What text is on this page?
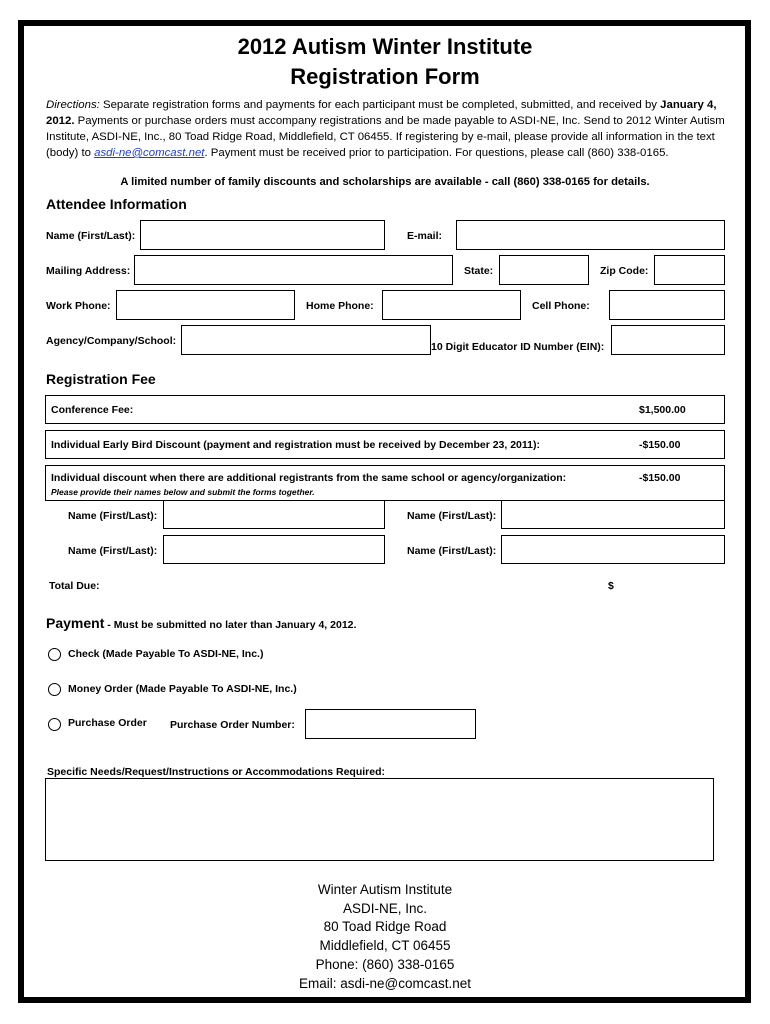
2012 Autism Winter Institute
Registration Form
Directions: Separate registration forms and payments for each participant must be completed, submitted, and received by January 4, 2012. Payments or purchase orders must accompany registrations and be made payable to ASDI-NE, Inc. Send to 2012 Winter Autism Institute, ASDI-NE, Inc., 80 Toad Ridge Road, Middlefield, CT 06455. If registering by e-mail, please provide all information in the text (body) to asdi-ne@comcast.net. Payment must be received prior to participation. For questions, please call (860) 338-0165.
A limited number of family discounts and scholarships are available - call (860) 338-0165 for details.
Attendee Information
Name (First/Last):	E-mail:
Mailing Address:	State:	Zip Code:
Work Phone:	Home Phone:	Cell Phone:
Agency/Company/School:	10 Digit Educator ID Number (EIN):
Registration Fee
Conference Fee:	$1,500.00
Individual Early Bird Discount (payment and registration must be received by December 23, 2011):	-$150.00
Individual discount when there are additional registrants from the same school or agency/organization:	-$150.00
Please provide their names below and submit the forms together.
Name (First/Last):	Name (First/Last):
Name (First/Last):	Name (First/Last):
Total Due:	$
Payment - Must be submitted no later than January 4, 2012.
Check (Made Payable To ASDI-NE, Inc.)
Money Order (Made Payable To ASDI-NE, Inc.)
Purchase Order Purchase Order Number:
Specific Needs/Request/Instructions or Accommodations Required:
Winter Autism Institute
ASDI-NE, Inc.
80 Toad Ridge Road
Middlefield, CT 06455
Phone: (860) 338-0165
Email: asdi-ne@comcast.net
